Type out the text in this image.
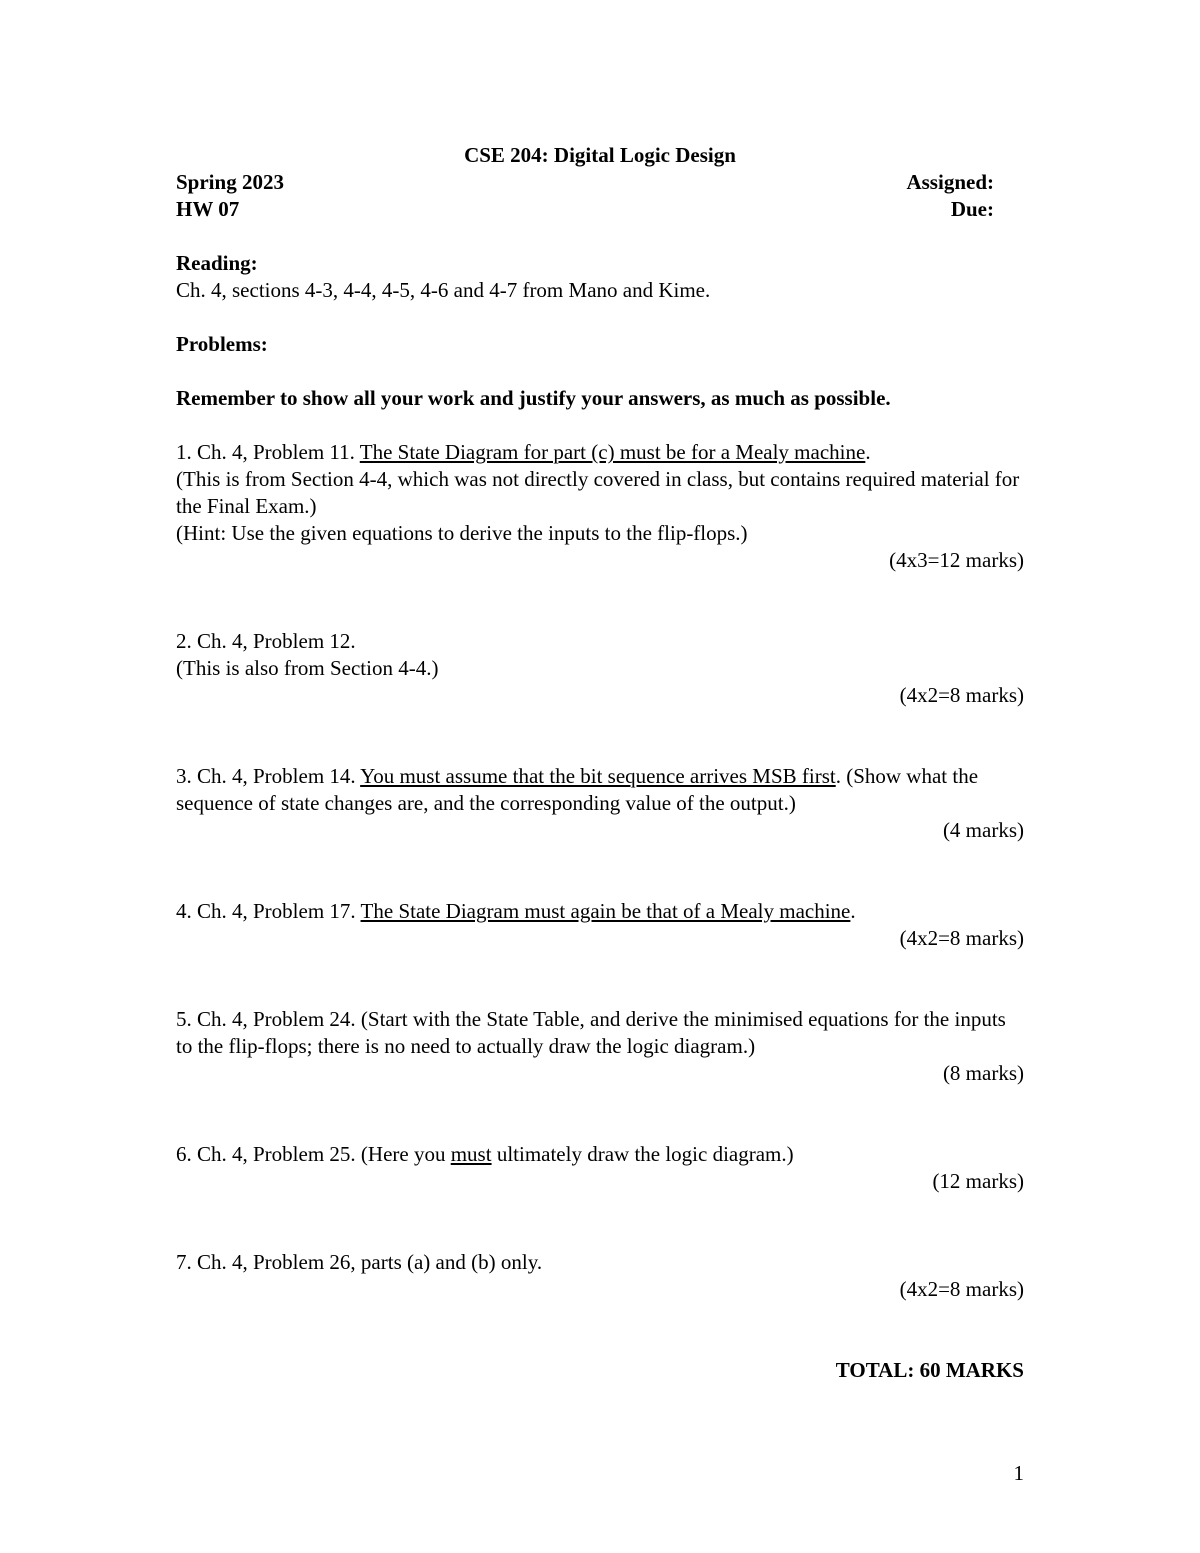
CSE 204: Digital Logic Design
Spring 2023	Assigned:
HW 07	Due:
Reading:
Ch. 4, sections 4-3, 4-4, 4-5, 4-6 and 4-7 from Mano and Kime.
Problems:
Remember to show all your work and justify your answers, as much as possible.
1. Ch. 4, Problem 11. The State Diagram for part (c) must be for a Mealy machine.
(This is from Section 4-4, which was not directly covered in class, but contains required material for the Final Exam.)
(Hint: Use the given equations to derive the inputs to the flip-flops.)
(4x3=12 marks)
2. Ch. 4, Problem 12.
(This is also from Section 4-4.)
(4x2=8 marks)
3. Ch. 4, Problem 14. You must assume that the bit sequence arrives MSB first. (Show what the sequence of state changes are, and the corresponding value of the output.)
(4 marks)
4. Ch. 4, Problem 17. The State Diagram must again be that of a Mealy machine.
(4x2=8 marks)
5. Ch. 4, Problem 24. (Start with the State Table, and derive the minimised equations for the inputs to the flip-flops; there is no need to actually draw the logic diagram.)
(8 marks)
6. Ch. 4, Problem 25. (Here you must ultimately draw the logic diagram.)
(12 marks)
7. Ch. 4, Problem 26, parts (a) and (b) only.
(4x2=8 marks)
TOTAL: 60 MARKS
1
